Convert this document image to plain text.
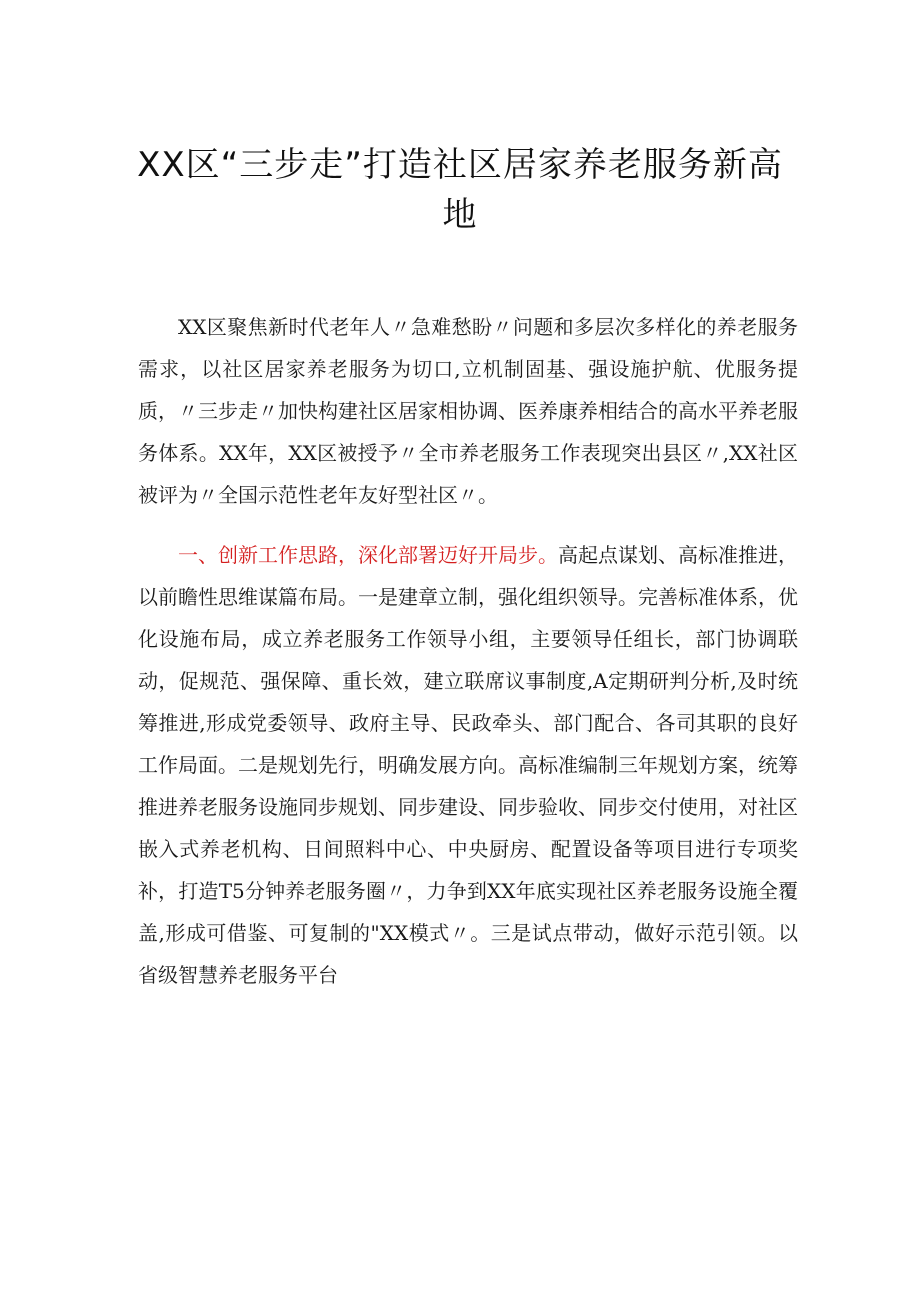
XX区“三步走”打造社区居家养老服务新高地

XX区聚焦新时代老年人〃急难愁盼〃问题和多层次多样化的养老服务需求，以社区居家养老服务为切口,立机制固基、强设施护航、优服务提质，〃三步走〃加快构建社区居家相协调、医养康养相结合的高水平养老服务体系。XX年，XX区被授予〃全市养老服务工作表现突出县区〃,XX社区被评为〃全国示范性老年友好型社区〃。

一、创新工作思路，深化部署迈好开局步。高起点谋划、高标准推进，以前瞻性思维谋篇布局。一是建章立制，强化组织领导。完善标准体系，优化设施布局，成立养老服务工作领导小组，主要领导任组长，部门协调联动，促规范、强保障、重长效，建立联席议事制度,A定期研判分析,及时统筹推进,形成党委领导、政府主导、民政牵头、部门配合、各司其职的良好工作局面。二是规划先行，明确发展方向。高标准编制三年规划方案，统筹推进养老服务设施同步规划、同步建设、同步验收、同步交付使用，对社区嵌入式养老机构、日间照料中心、中央厨房、配置设备等项目进行专项奖补，打造T5分钟养老服务圈〃，力争到XX年底实现社区养老服务设施全覆盖,形成可借鉴、可复制的"XX模式〃。三是试点带动，做好示范引领。以省级智慧养老服务平台
